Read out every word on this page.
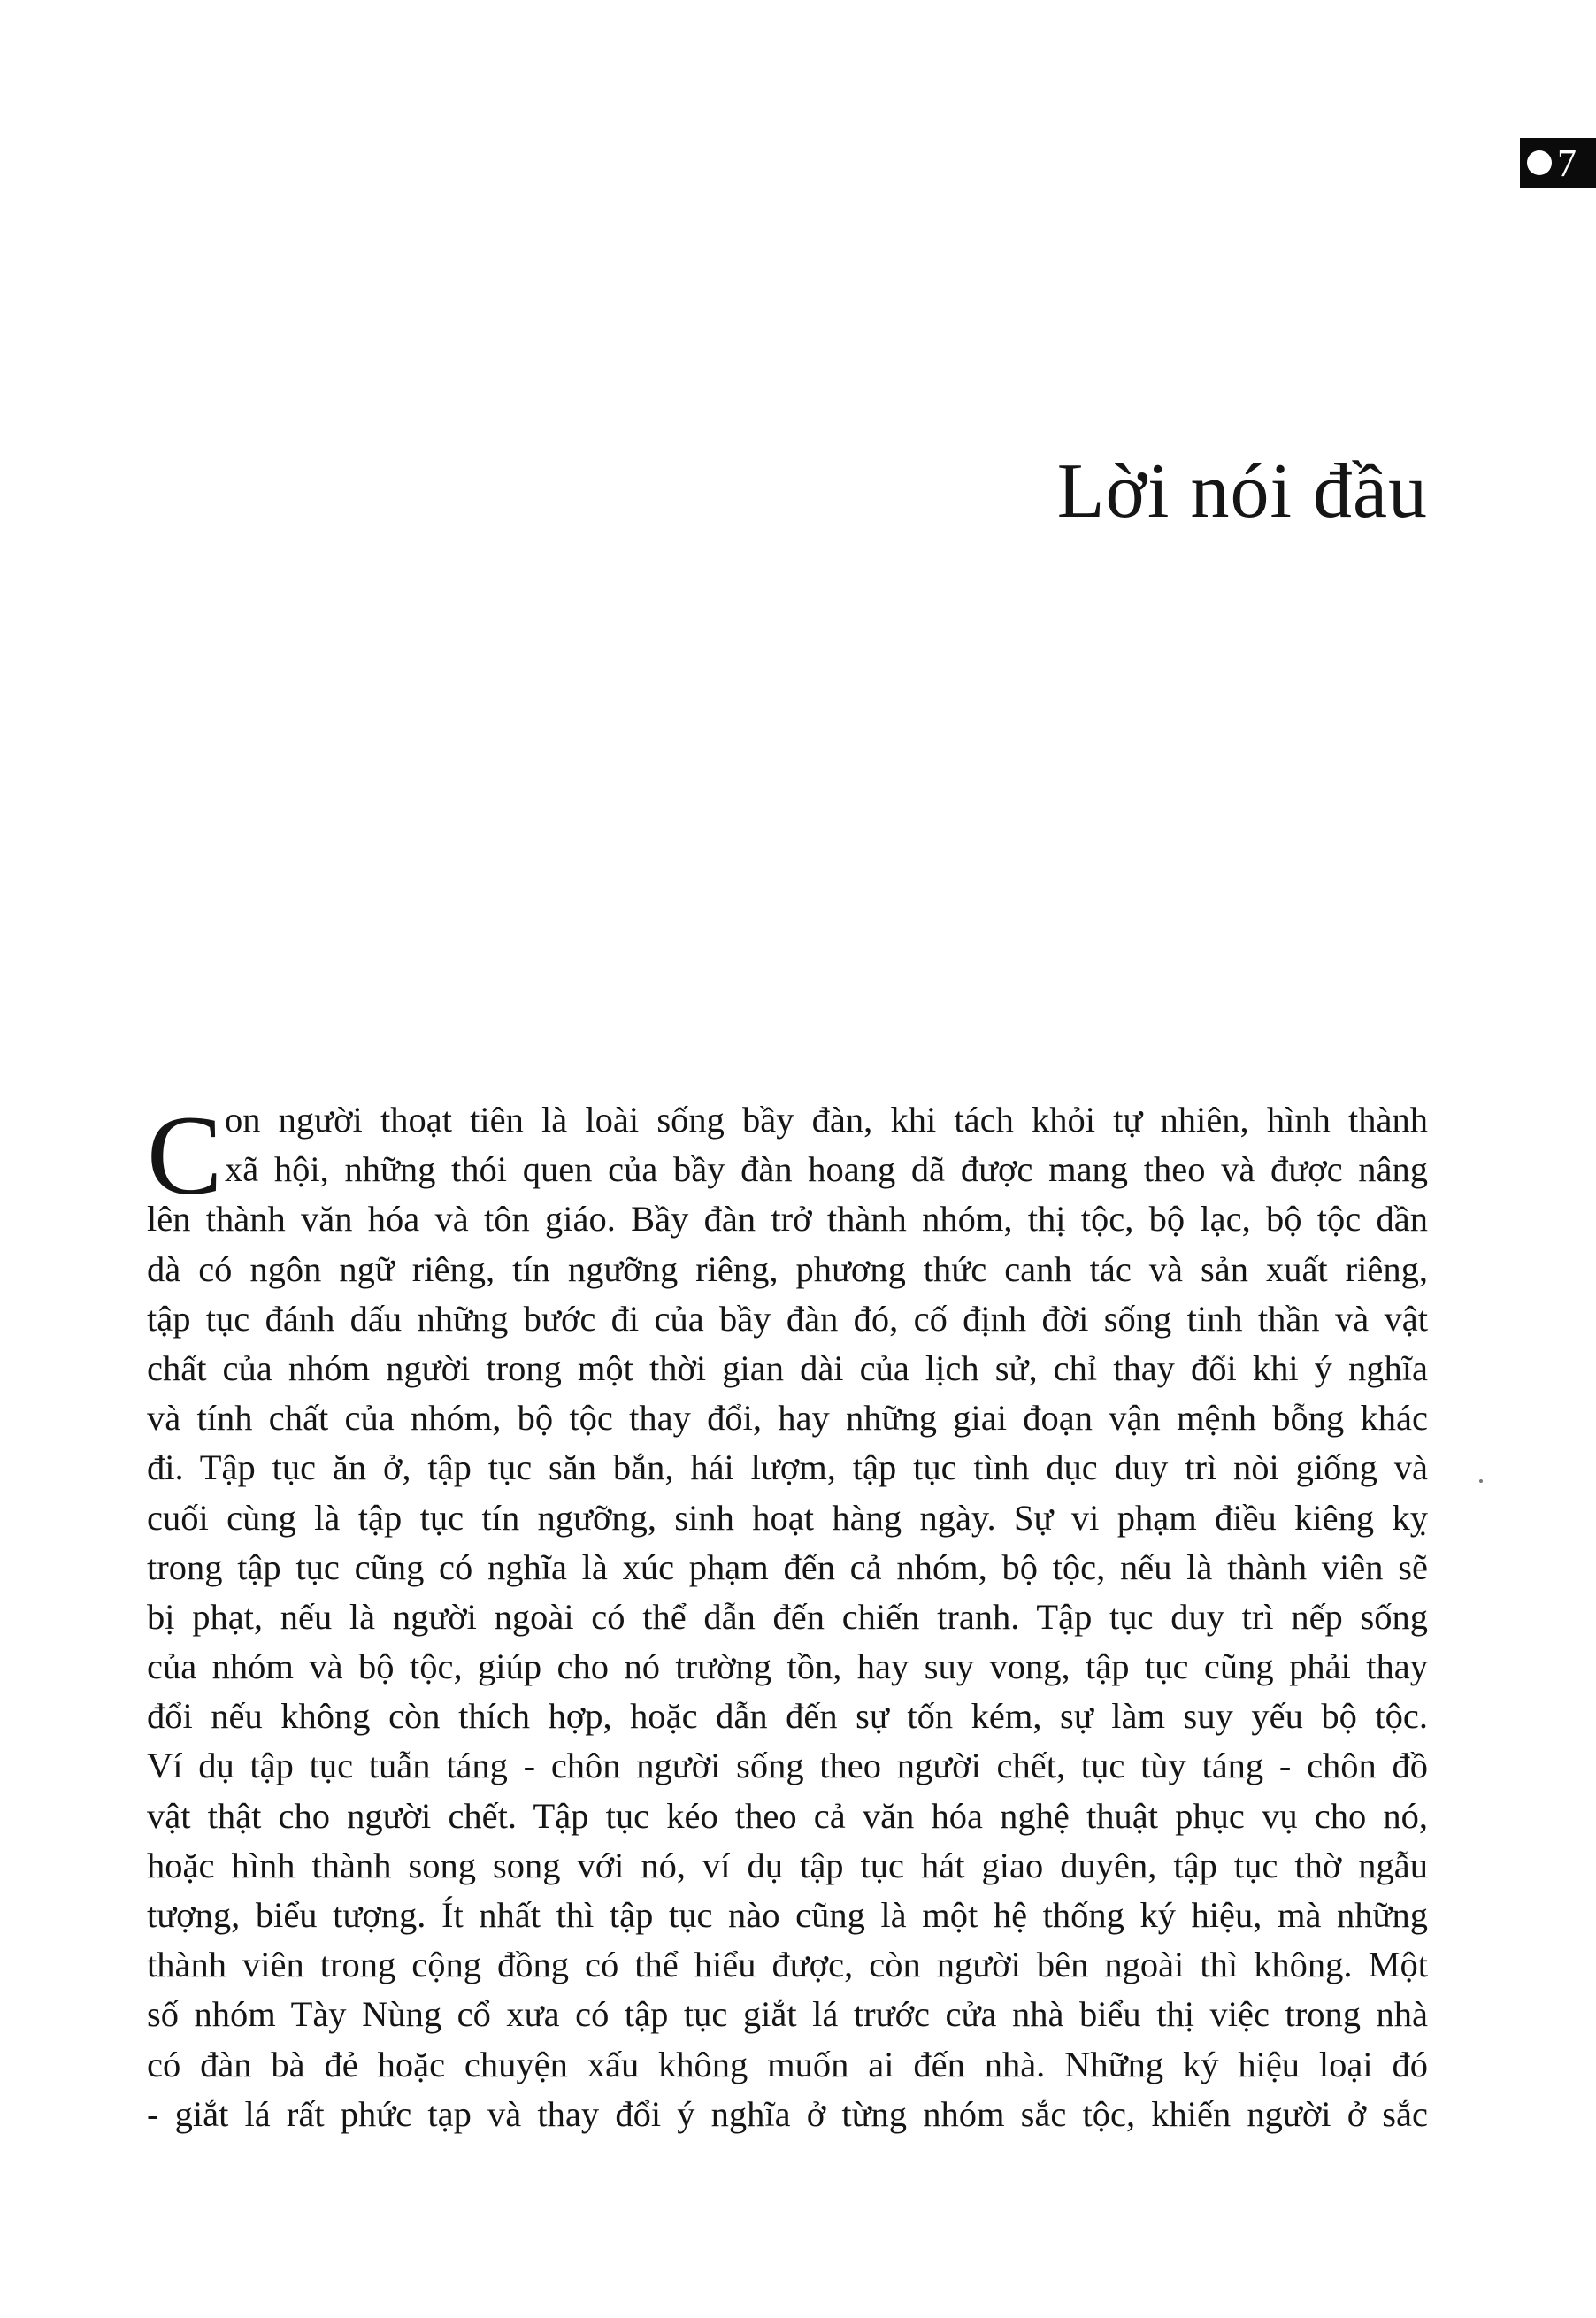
7
Lời nói đầu
C on người thoạt tiên là loài sống bầy đàn, khi tách khỏi tự nhiên, hình thành
xã hội, những thói quen của bầy đàn hoang dã được mang theo và được nâng
lên thành văn hóa và tôn giáo. Bầy đàn trở thành nhóm, thị tộc, bộ lạc, bộ tộc dần
dà có ngôn ngữ riêng, tín ngưỡng riêng, phương thức canh tác và sản xuất riêng,
tập tục đánh dấu những bước đi của bầy đàn đó, cố định đời sống tinh thần và vật
chất của nhóm người trong một thời gian dài của lịch sử, chỉ thay đổi khi ý nghĩa
và tính chất của nhóm, bộ tộc thay đổi, hay những giai đoạn vận mệnh bỗng khác
đi. Tập tục ăn ở, tập tục săn bắn, hái lượm, tập tục tình dục duy trì nòi giống và
cuối cùng là tập tục tín ngưỡng, sinh hoạt hàng ngày. Sự vi phạm điều kiêng kỵ
trong tập tục cũng có nghĩa là xúc phạm đến cả nhóm, bộ tộc, nếu là thành viên sẽ
bị phạt, nếu là người ngoài có thể dẫn đến chiến tranh. Tập tục duy trì nếp sống
của nhóm và bộ tộc, giúp cho nó trường tồn, hay suy vong, tập tục cũng phải thay
đổi nếu không còn thích hợp, hoặc dẫn đến sự tốn kém, sự làm suy yếu bộ tộc.
Ví dụ tập tục tuẫn táng - chôn người sống theo người chết, tục tùy táng - chôn đồ
vật thật cho người chết. Tập tục kéo theo cả văn hóa nghệ thuật phục vụ cho nó,
hoặc hình thành song song với nó, ví dụ tập tục hát giao duyên, tập tục thờ ngẫu
tượng, biểu tượng. Ít nhất thì tập tục nào cũng là một hệ thống ký hiệu, mà những
thành viên trong cộng đồng có thể hiểu được, còn người bên ngoài thì không. Một
số nhóm Tày Nùng cổ xưa có tập tục giắt lá trước cửa nhà biểu thị việc trong nhà
có đàn bà đẻ hoặc chuyện xấu không muốn ai đến nhà. Những ký hiệu loại đó
- giắt lá rất phức tạp và thay đổi ý nghĩa ở từng nhóm sắc tộc, khiến người ở sắc
